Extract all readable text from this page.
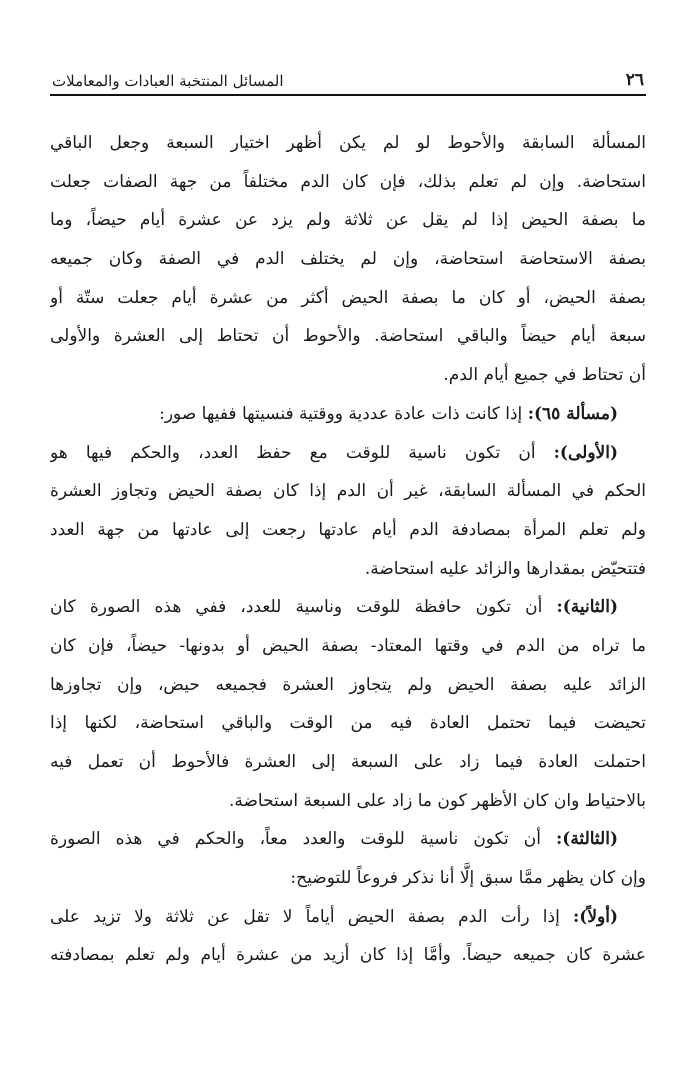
٢٦
المسائل المنتخبة العبادات والمعاملات
المسألة السابقة والأحوط لو لم يكن أظهر اختيار السبعة وجعل الباقي
استحاضة. وإن لم تعلم بذلك، فإن كان الدم مختلفاً من جهة الصفات جعلت
ما بصفة الحيض إذا لم يقل عن ثلاثة ولم يزد عن عشرة أيام حيضاً، وما
بصفة الاستحاضة استحاضة، وإن لم يختلف الدم في الصفة وكان جميعه
بصفة الحيض، أو كان ما بصفة الحيض أكثر من عشرة أيام جعلت ستّة أو
سبعة أيام حيضاً والباقي استحاضة. والأحوط أن تحتاط إلى العشرة والأولى
أن تحتاط في جميع أيام الدم.
(مسألة ٦٥): إذا كانت ذات عادة عددية ووقتية فنسيتها ففيها صور:
(الأولى): أن تكون ناسية للوقت مع حفظ العدد، والحكم فيها هو
الحكم في المسألة السابقة، غير أن الدم إذا كان بصفة الحيض وتجاوز العشرة
ولم تعلم المرأة بمصادفة الدم أيام عادتها رجعت إلى عادتها من جهة العدد
فتتحيّض بمقدارها والزائد عليه استحاضة.
(الثانية): أن تكون حافظة للوقت وناسية للعدد، ففي هذه الصورة كان
ما تراه من الدم في وقتها المعتاد- بصفة الحيض أو بدونها- حيضاً، فإن كان
الزائد عليه بصفة الحيض ولم يتجاوز العشرة فجميعه حيض، وإن تجاوزها
تحيضت فيما تحتمل العادة فيه من الوقت والباقي استحاضة، لكنها إذا
احتملت العادة فيما زاد على السبعة إلى العشرة فالأحوط أن تعمل فيه
بالاحتياط وان كان الأظهر كون ما زاد على السبعة استحاضة.
(الثالثة): أن تكون ناسية للوقت والعدد معاً، والحكم في هذه الصورة
وإن كان يظهر ممَّا سبق إلَّا أنا نذكر فروعاً للتوضيح:
(أولاً): إذا رأت الدم بصفة الحيض أياماً لا تقل عن ثلاثة ولا تزيد على
عشرة كان جميعه حيضاً. وأمَّا إذا كان أزيد من عشرة أيام ولم تعلم بمصادفته
